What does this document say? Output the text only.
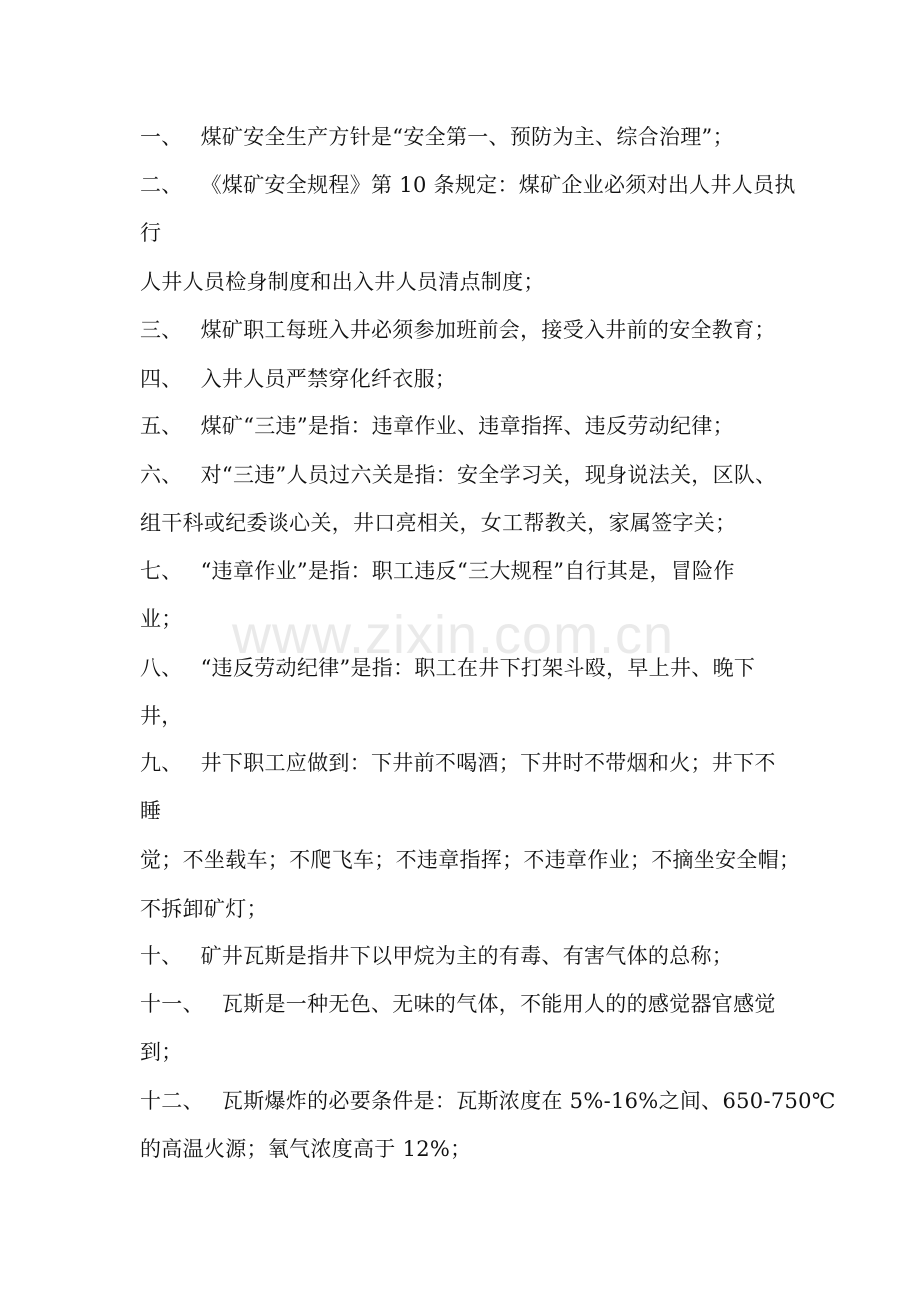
一、 煤矿安全生产方针是“安全第一、预防为主、综合治理”；
二、 《煤矿安全规程》第 10 条规定：煤矿企业必须对出人井人员执
行
人井人员检身制度和出入井人员清点制度；
三、 煤矿职工每班入井必须参加班前会，接受入井前的安全教育；
四、 入井人员严禁穿化纤衣服；
五、 煤矿“三违”是指：违章作业、违章指挥、违反劳动纪律；
六、 对“三违”人员过六关是指：安全学习关，现身说法关，区队、
组干科或纪委谈心关，井口亮相关，女工帮教关，家属签字关；
七、 “违章作业”是指：职工违反“三大规程”自行其是，冒险作
业；
八、 “违反劳动纪律”是指：职工在井下打架斗殴，早上井、晚下
井，
九、 井下职工应做到：下井前不喝酒；下井时不带烟和火；井下不
睡
觉；不坐载车；不爬飞车；不违章指挥；不违章作业；不摘坐安全帽；
不拆卸矿灯；
十、 矿井瓦斯是指井下以甲烷为主的有毒、有害气体的总称；
十一、 瓦斯是一种无色、无味的气体，不能用人的的感觉器官感觉
到；
十二、 瓦斯爆炸的必要条件是：瓦斯浓度在 5%-16%之间、650-750℃
的高温火源；氧气浓度高于 12%；
www.zixin.com.cn
